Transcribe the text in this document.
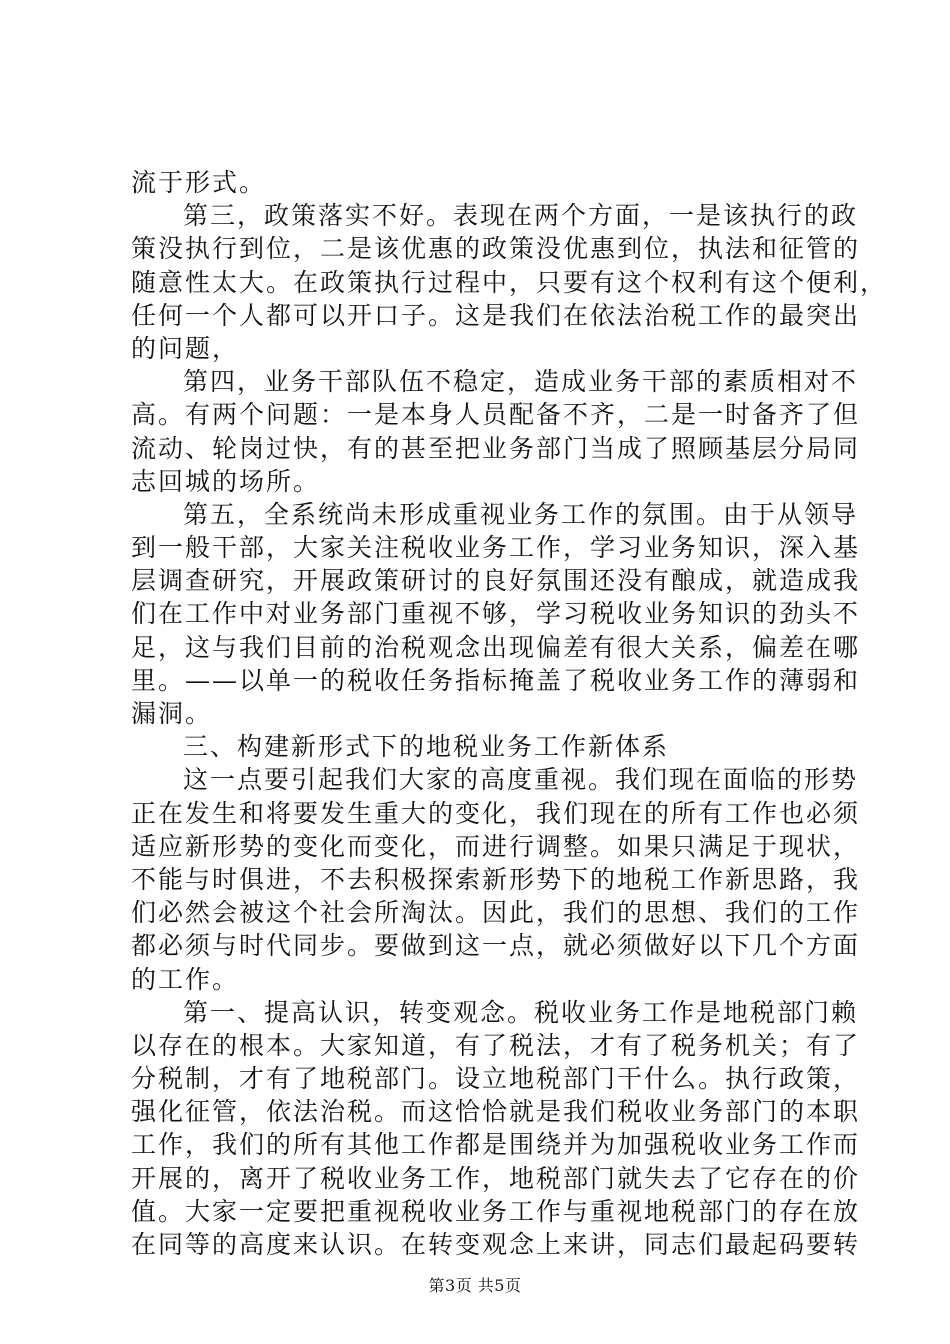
流于形式。
第三，政策落实不好。表现在两个方面，一是该执行的政
策没执行到位，二是该优惠的政策没优惠到位，执法和征管的
随意性太大。在政策执行过程中，只要有这个权利有这个便利，
任何一个人都可以开口子。这是我们在依法治税工作的最突出
的问题，
第四，业务干部队伍不稳定，造成业务干部的素质相对不
高。有两个问题：一是本身人员配备不齐，二是一时备齐了但
流动、轮岗过快，有的甚至把业务部门当成了照顾基层分局同
志回城的场所。
第五，全系统尚未形成重视业务工作的氛围。由于从领导
到一般干部，大家关注税收业务工作，学习业务知识，深入基
层调查研究，开展政策研讨的良好氛围还没有酿成，就造成我
们在工作中对业务部门重视不够，学习税收业务知识的劲头不
足，这与我们目前的治税观念出现偏差有很大关系，偏差在哪
里。——以单一的税收任务指标掩盖了税收业务工作的薄弱和
漏洞。
三、构建新形式下的地税业务工作新体系
这一点要引起我们大家的高度重视。我们现在面临的形势
正在发生和将要发生重大的变化，我们现在的所有工作也必须
适应新形势的变化而变化，而进行调整。如果只满足于现状，
不能与时俱进，不去积极探索新形势下的地税工作新思路，我
们必然会被这个社会所淘汰。因此，我们的思想、我们的工作
都必须与时代同步。要做到这一点，就必须做好以下几个方面
的工作。
第一、提高认识，转变观念。税收业务工作是地税部门赖
以存在的根本。大家知道，有了税法，才有了税务机关；有了
分税制，才有了地税部门。设立地税部门干什么。执行政策，
强化征管，依法治税。而这恰恰就是我们税收业务部门的本职
工作，我们的所有其他工作都是围绕并为加强税收业务工作而
开展的，离开了税收业务工作，地税部门就失去了它存在的价
值。大家一定要把重视税收业务工作与重视地税部门的存在放
在同等的高度来认识。在转变观念上来讲，同志们最起码要转
第3页 共5页
